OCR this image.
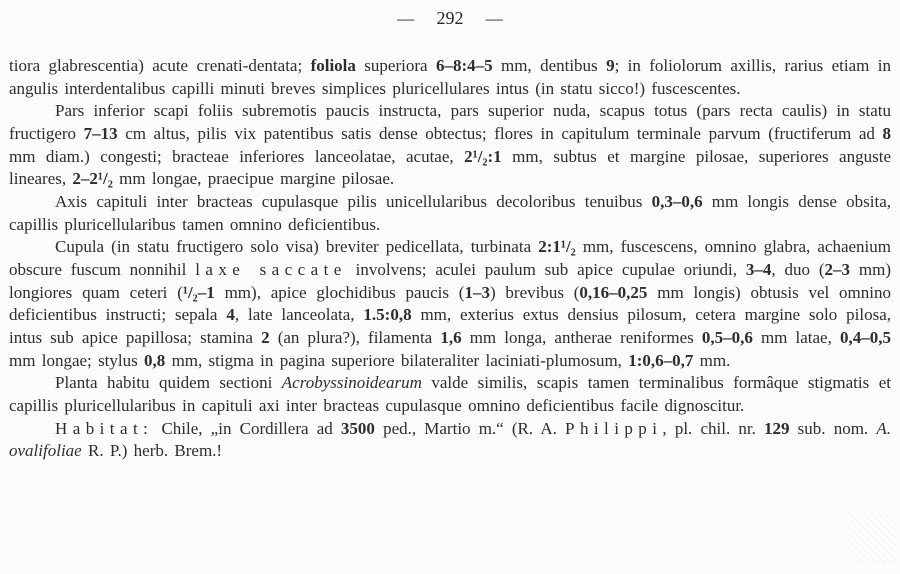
— 292 —

tiora glabrescentia) acute crenati-dentata; foliola superiora 6–8:4–5 mm, dentibus 9; in foliolorum axillis, rarius etiam in angulis interdentalibus capilli minuti breves simplices pluricellulares intus (in statu sicco!) fuscescentes.

Pars inferior scapi foliis subremotis paucis instructa, pars superior nuda, scapus totus (pars recta caulis) in statu fructigero 7–13 cm altus, pilis vix patentibus satis dense obtectus; flores in capitulum terminale parvum (fructiferum ad 8 mm diam.) congesti; bracteae inferiores lanceolatae, acutae, 2¹/₂:1 mm, subtus et margine pilosae, superiores anguste lineares, 2–2¹/₂ mm longae, praecipue margine pilosae.

Axis capituli inter bracteas cupulasque pilis unicellularibus decoloribus tenuibus 0,3–0,6 mm longis dense obsita, capillis pluricellularibus tamen omnino deficientibus.

Cupula (in statu fructigero solo visa) breviter pedicellata, turbinata 2:1¹/₂ mm, fuscescens, omnino glabra, achaenium obscure fuscum nonnihil laxe saccate involvens; aculei paulum sub apice cupulae oriundi, 3–4, duo (2–3 mm) longiores quam ceteri (¹/₂–1 mm), apice glochidibus paucis (1–3) brevibus (0,16–0,25 mm longis) obtusis vel omnino deficientibus instructi; sepala 4, late lanceolata, 1.5:0,8 mm, exterius extus densius pilosum, cetera margine solo pilosa, intus sub apice papillosa; stamina 2 (an plura?), filamenta 1,6 mm longa, antherae reniformes 0,5–0,6 mm latae, 0,4–0,5 mm longae; stylus 0,8 mm, stigma in pagina superiore bilateraliter laciniati-plumosum, 1:0,6–0,7 mm.

Planta habitu quidem sectioni Acrobyssinoidearum valde similis, scapis tamen terminalibus formâque stigmatis et capillis pluricellularibus in capituli axi inter bracteas cupulasque omnino deficientibus facile dignoscitur.

Habitat: Chile, „in Cordillera ad 3500 ped., Martio m.“ (R. A. Philippi, pl. chil. nr. 129 sub. nom. A. ovalifoliae R. P.) herb. Brem.!
